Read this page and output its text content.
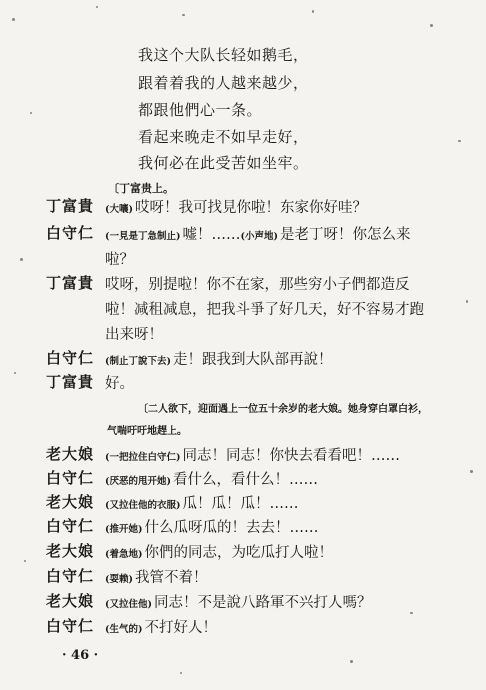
我这个大队长轻如鹅毛，
跟着着我的人越来越少，
都跟他們心一条。
看起来晚走不如早走好，
我何必在此受苦如坐牢。
〔丁富贵上。
丁富貴 (大嚷) 哎呀！我可找見你啦！东家你好哇？
白守仁 (一見是丁急制止) 嘘！……(小声地) 是老丁呀！你怎么来
啦？
丁富貴 哎呀，别提啦！你不在家，那些穷小子們都造反
啦！减租减息，把我斗爭了好几天，好不容易才跑
出来呀！
白守仁 (制止丁說下去) 走！跟我到大队部再說！
丁富貴 好。
〔二人欲下，迎面遇上一位五十余岁的老大娘。她身穿白罩白衫，
气喘吁吁地趕上。
老大娘 (一把拉住白守仁) 同志！同志！你快去看看吧！……
白守仁 (厌恶的甩开她) 看什么，看什么！……
老大娘 (又拉住他的衣服) 瓜！瓜！瓜！……
白守仁 (推开她) 什么瓜呀瓜的！去去！……
老大娘 (着急地) 你們的同志，为吃瓜打人啦！
白守仁 (耍赖) 我管不着！
老大娘 (又拉住他) 同志！不是說八路軍不兴打人嗎？
白守仁 (生气的) 不打好人！
· 46 ·
